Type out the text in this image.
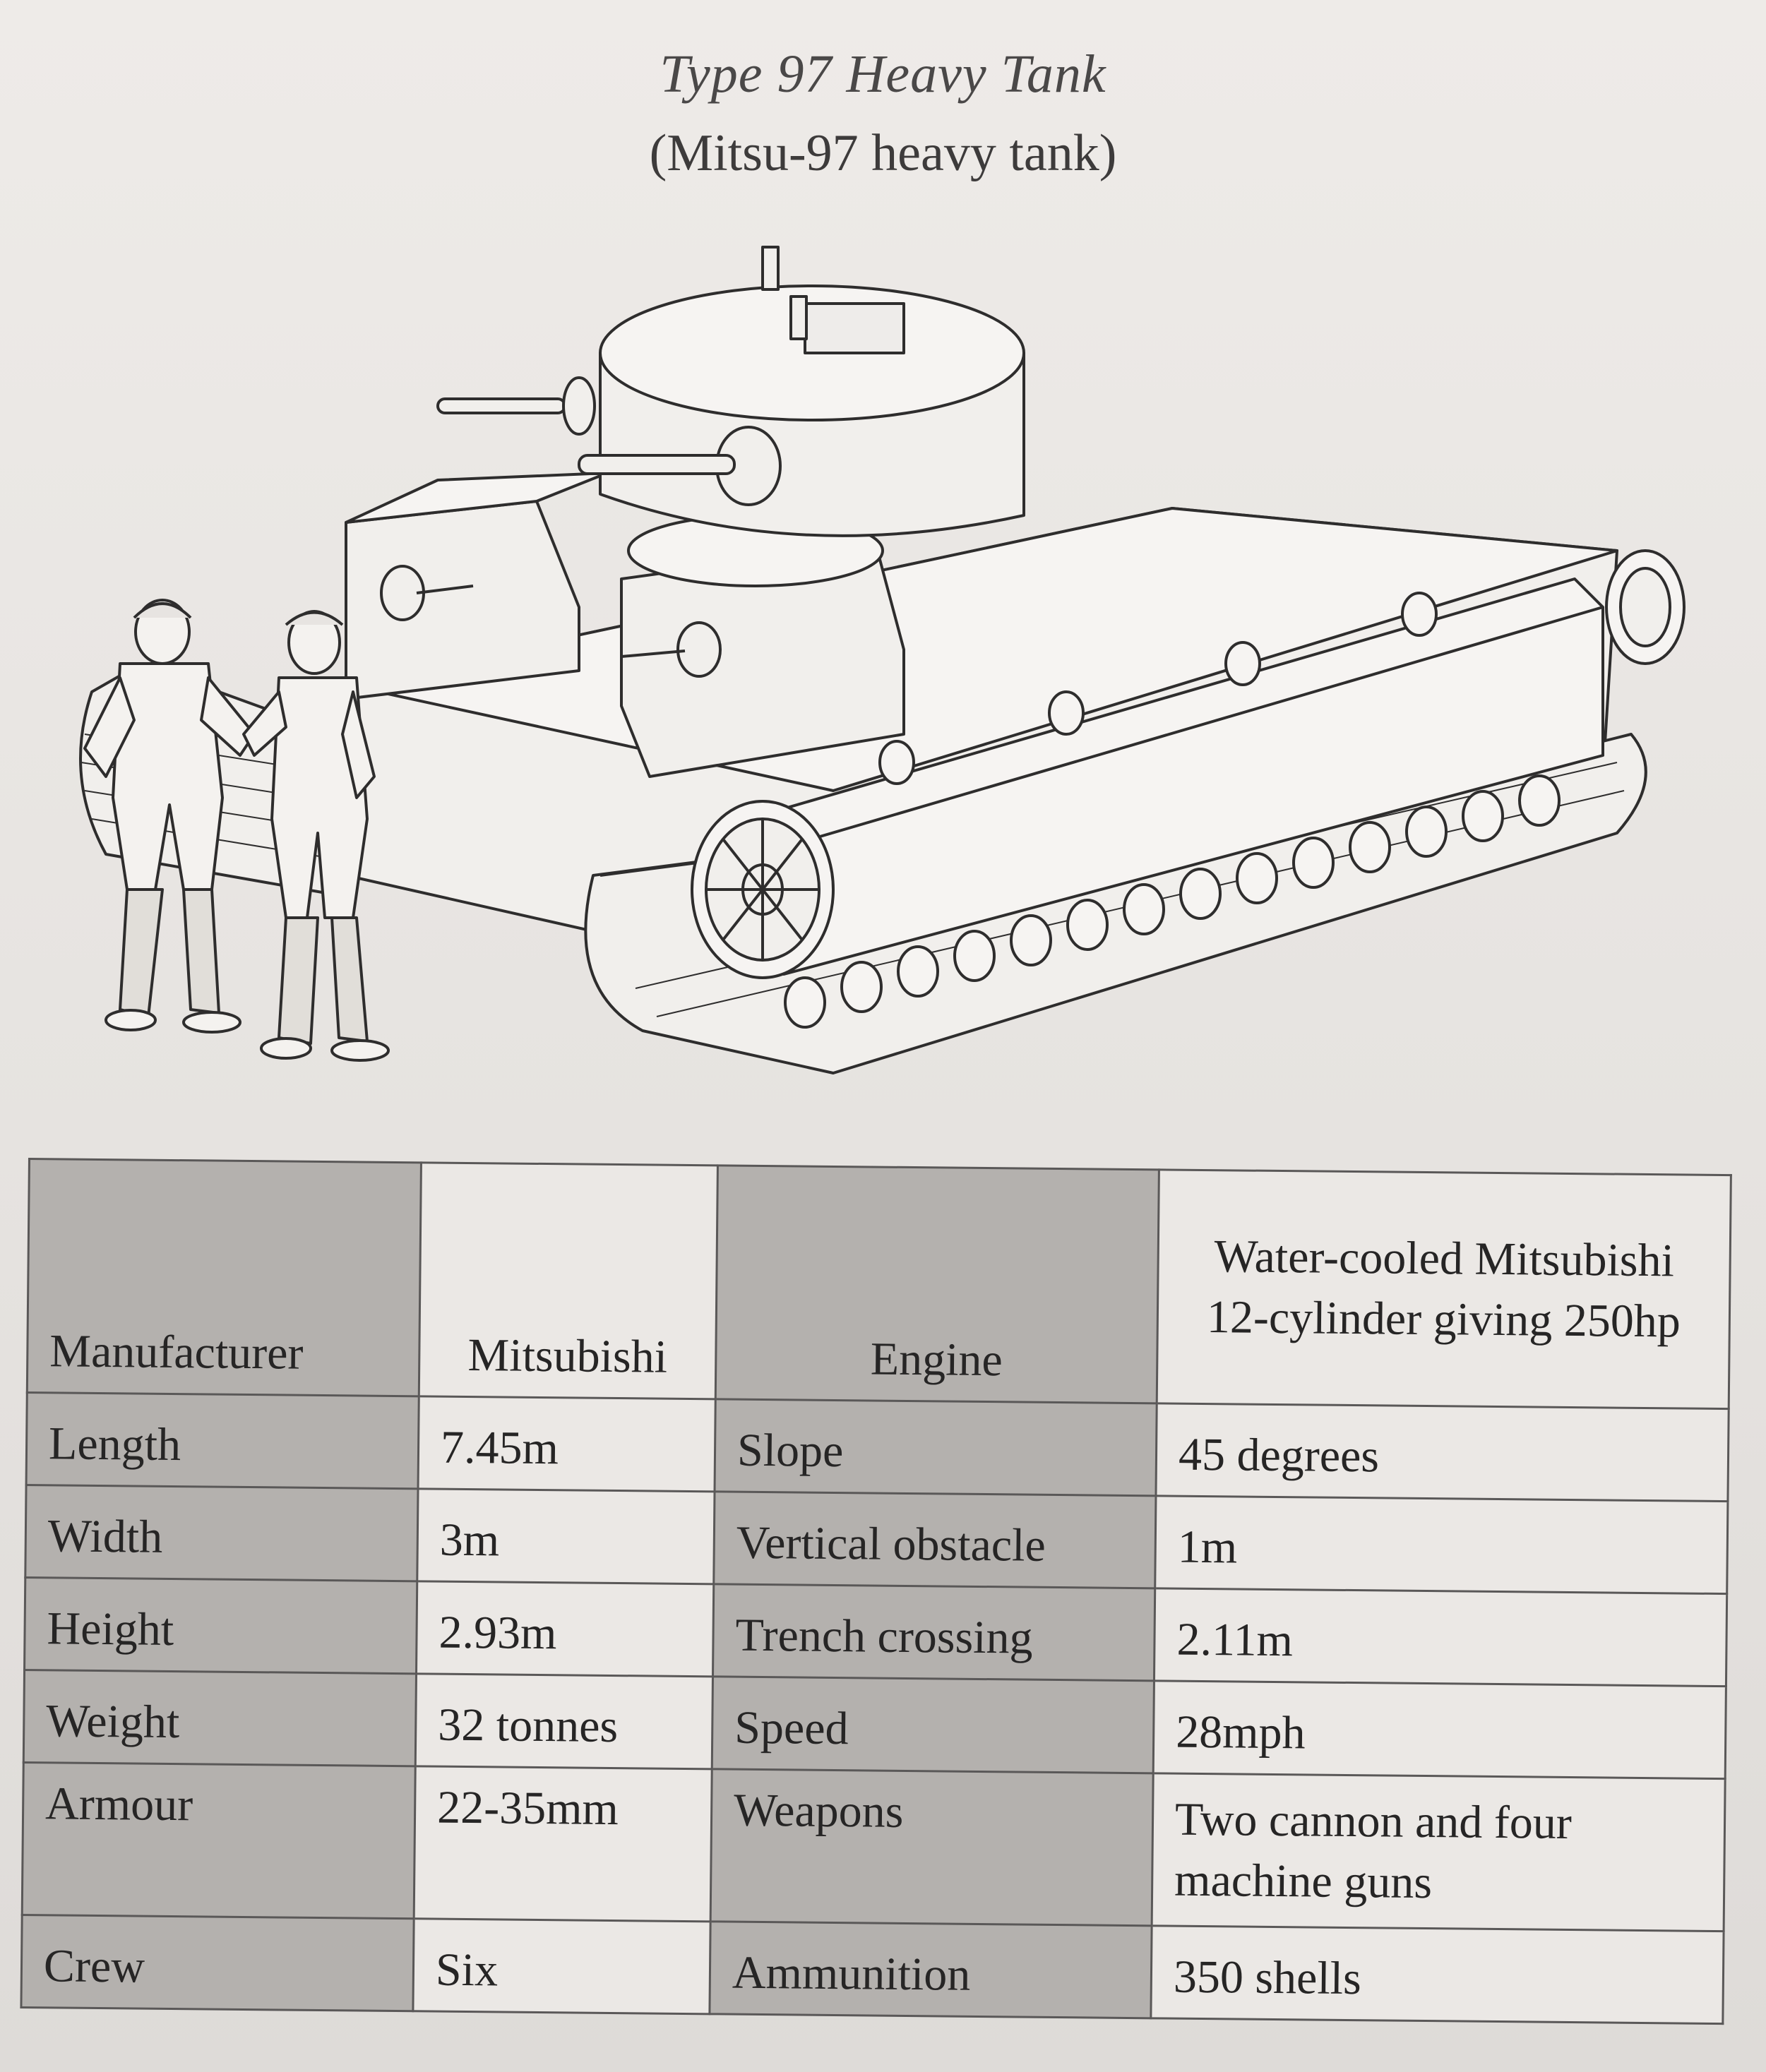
Type 97 Heavy Tank
(Mitsu-97 heavy tank)
Manufacturer	Mitsubishi	Engine	Water-cooled Mitsubishi 12-cylinder giving 250hp
Length	7.45m	Slope	45 degrees
Width	3m	Vertical obstacle	1m
Height	2.93m	Trench crossing	2.11m
Weight	32 tonnes	Speed	28mph
Armour	22-35mm	Weapons	Two cannon and four machine guns
Crew	Six	Ammunition	350 shells
